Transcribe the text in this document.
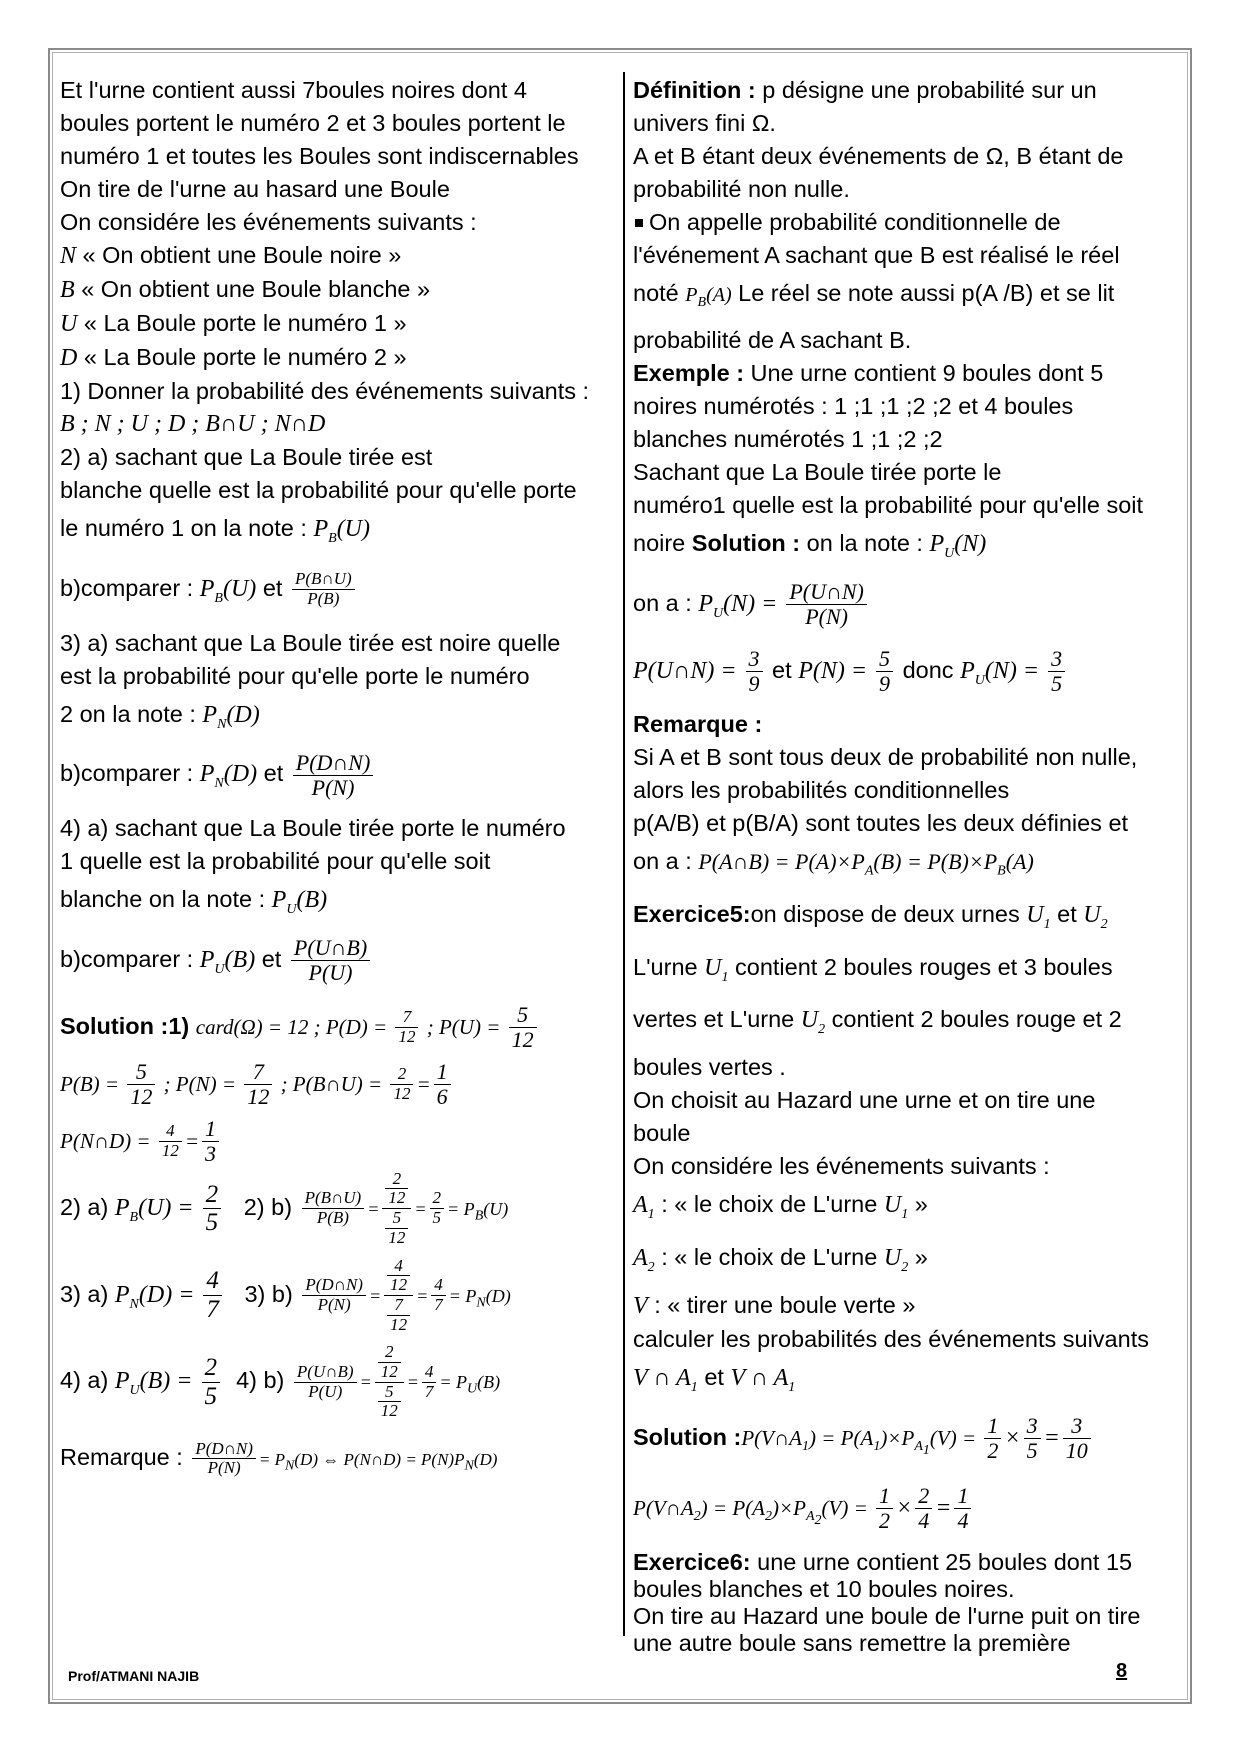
Et l'urne contient aussi 7boules noires dont 4
boules portent le numéro 2 et 3 boules portent le
numéro 1 et toutes les Boules sont indiscernables
On tire de l'urne au hasard une Boule
On considére les événements suivants :
N « On obtient une Boule noire »
B « On obtient une Boule blanche »
U « La Boule porte le numéro 1 »
D « La Boule porte le numéro 2 »
1) Donner la probabilité des événements suivants :
B ; N ; U ; D ; B∩U ; N∩D
2) a) sachant que La Boule tirée est
blanche quelle est la probabilité pour qu'elle porte
le numéro 1 on la note : $P_B(U)$
b)comparer : $P_B(U)$ et $\frac{P(B\cap U)}{P(B)}$
3) a) sachant que La Boule tirée est noire quelle
est la probabilité pour qu'elle porte le numéro
2 on la note : $P_N(D)$
b)comparer : $P_N(D)$ et $\frac{P(D\cap N)}{P(N)}$
4) a) sachant que La Boule tirée porte le numéro
1 quelle est la probabilité pour qu'elle soit
blanche on la note : $P_U(B)$
b)comparer : $P_U(B)$ et $\frac{P(U\cap B)}{P(U)}$
Solution :1) card(Ω) = 12 ; $P(D) = \frac{7}{12}$ ; $P(U) = \frac{5}{12}$
$P(B) = \frac{5}{12}$ ; $P(N) = \frac{7}{12}$ ; P(B∩U) = $\frac{2}{12} = \frac{1}{6}$
P(N∩D) = $\frac{4}{12} = \frac{1}{3}$
2) a) $P_B(U) = \frac{2}{5} 2$) $b) \frac{P(B\cap U)}{P(B)} = \frac{\frac{2}{12}}{\frac{5}{12}} = \frac{2}{5} = P_B(U)$
3) a) $P_N(D) = \frac{4}{7} 3$) $b) \frac{P(D\cap N)}{P(N)} = \frac{\frac{4}{12}}{\frac{7}{12}} = \frac{4}{7} = P_N(D)$
4) a) $P_U(B) = \frac{2}{5} 4$) $b) \frac{P(U\cap B)}{P(U)} = \frac{\frac{2}{12}}{\frac{5}{12}} = \frac{4}{7} = P_U(B)$
Remarque : $\frac{P(D\cap N)}{P(N)} = P_N(D)$ ⇔ P(N∩D) = $P(N)P_N(D)$
Définition : p désigne une probabilité sur un
univers fini Ω.
A et B étant deux événements de Ω, B étant de
probabilité non nulle.
On appelle probabilité conditionnelle de
l'événement A sachant que B est réalisé le réel
noté $P_B(A)$ Le réel se note aussi p(A /B) et se lit
probabilité de A sachant B.
Exemple : Une urne contient 9 boules dont 5
noires numérotés : 1 ;1 ;1 ;2 ;2 et 4 boules
blanches numérotés 1 ;1 ;2 ;2
Sachant que La Boule tirée porte le
numéro1 quelle est la probabilité pour qu'elle soit
noire Solution : on la note : $P_U(N)$
on a : $P_U(N) = \frac{P(U\cap N)}{P(N)}$
P(U∩N) = $\frac{3}{9}$ et $P(N) = \frac{5}{9}$ donc $P_U(N) = \frac{3}{5}$
Remarque :
Si A et B sont tous deux de probabilité non nulle,
alors les probabilités conditionnelles
p(A/B) et p(B/A) sont toutes les deux définies et
on a : P(A∩B) = $P(A)\times P_A(B) = P(B)\times P_B(A)$
Exercice5:on dispose de deux urnes $U_1$ et $U_2$
L'urne $U_1$ contient 2 boules rouges et 3 boules
vertes et L'urne $U_2$ contient 2 boules rouge et 2
boules vertes .
On choisit au Hazard une urne et on tire une
boule
On considére les événements suivants :
$A_1$ : « le choix de L'urne $U_1$ »
$A_2$ : « le choix de L'urne $U_2$ »
V : « tirer une boule verte »
calculer les probabilités des événements suivants
V ∩ $A_1$ et V ∩ $A_1$
Solution $:P(V\cap A_1) = P(A_1)\times P_{A_1}(V) = \frac{1}{2} \times \frac{3}{5} = \frac{3}{10}$
$P(V\cap A_2) = P(A_2)\times P_{A_2}(V) = \frac{1}{2} \times \frac{2}{4} = \frac{1}{4}$
Exercice6: une urne contient 25 boules dont 15
boules blanches et 10 boules noires.
On tire au Hazard une boule de l'urne puit on tire
une autre boule sans remettre la première
Prof/ATMANI NAJIB	8
